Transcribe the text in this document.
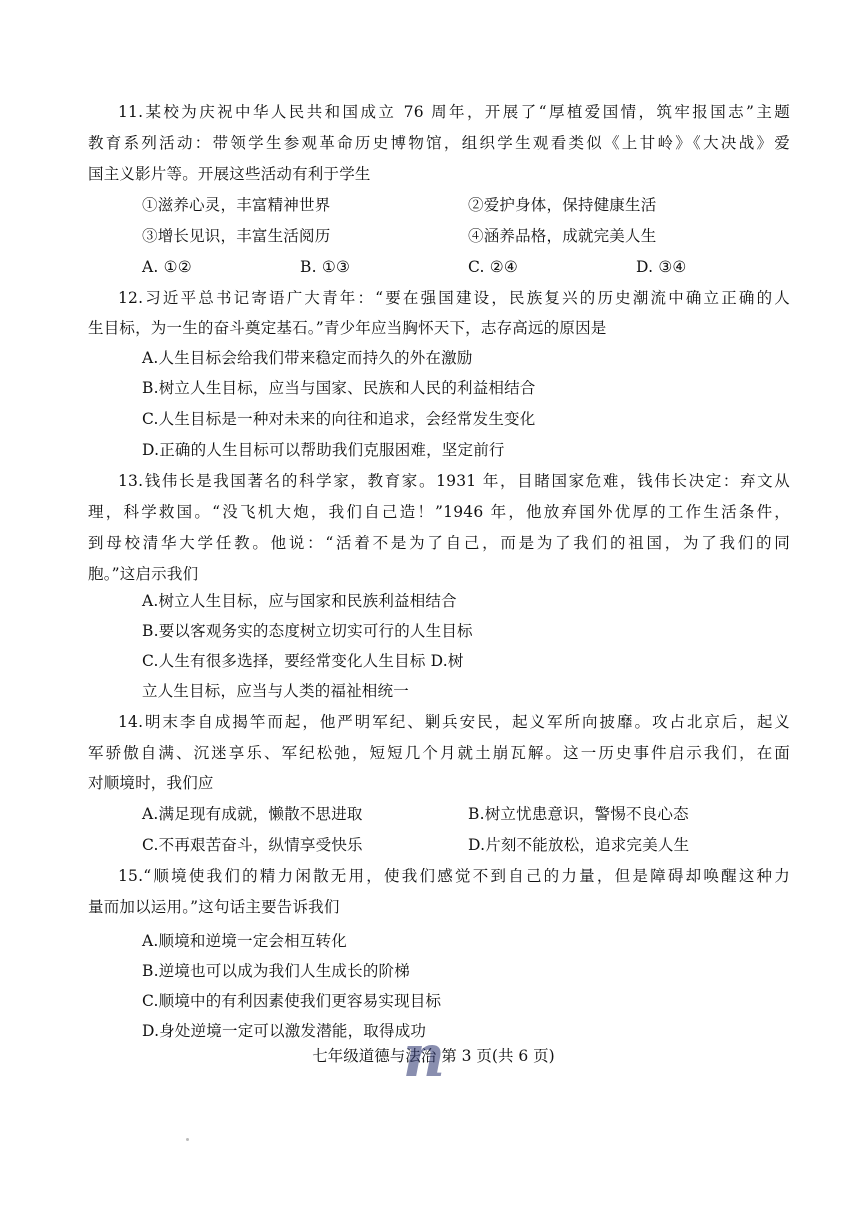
11.某校为庆祝中华人民共和国成立 76 周年，开展了“厚植爱国情，筑牢报国志”主题
教育系列活动：带领学生参观革命历史博物馆，组织学生观看类似《上甘岭》《大决战》爱
国主义影片等。开展这些活动有利于学生
①滋养心灵，丰富精神世界	②爱护身体，保持健康生活
③增长见识，丰富生活阅历	④涵养品格，成就完美人生
A. ①②	B. ①③	C. ②④	D. ③④
12.习近平总书记寄语广大青年：“要在强国建设，民族复兴的历史潮流中确立正确的人
生目标，为一生的奋斗奠定基石。”青少年应当胸怀天下，志存高远的原因是
A.人生目标会给我们带来稳定而持久的外在激励
B.树立人生目标，应当与国家、民族和人民的利益相结合
C.人生目标是一种对未来的向往和追求，会经常发生变化
D.正确的人生目标可以帮助我们克服困难，坚定前行
13.钱伟长是我国著名的科学家，教育家。1931 年，目睹国家危难，钱伟长决定：弃文从
理，科学救国。“没飞机大炮，我们自己造！”1946 年，他放弃国外优厚的工作生活条件，
到母校清华大学任教。他说：“活着不是为了自己，而是为了我们的祖国，为了我们的同
胞。”这启示我们
A.树立人生目标，应与国家和民族利益相结合
B.要以客观务实的态度树立切实可行的人生目标
C.人生有很多选择，要经常变化人生目标 D.树
立人生目标，应当与人类的福祉相统一
14.明末李自成揭竿而起，他严明军纪、剿兵安民，起义军所向披靡。攻占北京后，起义
军骄傲自满、沉迷享乐、军纪松弛，短短几个月就土崩瓦解。这一历史事件启示我们，在面
对顺境时，我们应
A.满足现有成就，懒散不思进取	B.树立忧患意识，警惕不良心态
C.不再艰苦奋斗，纵情享受快乐	D.片刻不能放松，追求完美人生
15.“顺境使我们的精力闲散无用，使我们感觉不到自己的力量，但是障碍却唤醒这种力
量而加以运用。”这句话主要告诉我们
A.顺境和逆境一定会相互转化
B.逆境也可以成为我们人生成长的阶梯
C.顺境中的有利因素使我们更容易实现目标
D.身处逆境一定可以激发潜能，取得成功
七年级道德与法治 第 3 页(共 6 页)
n
